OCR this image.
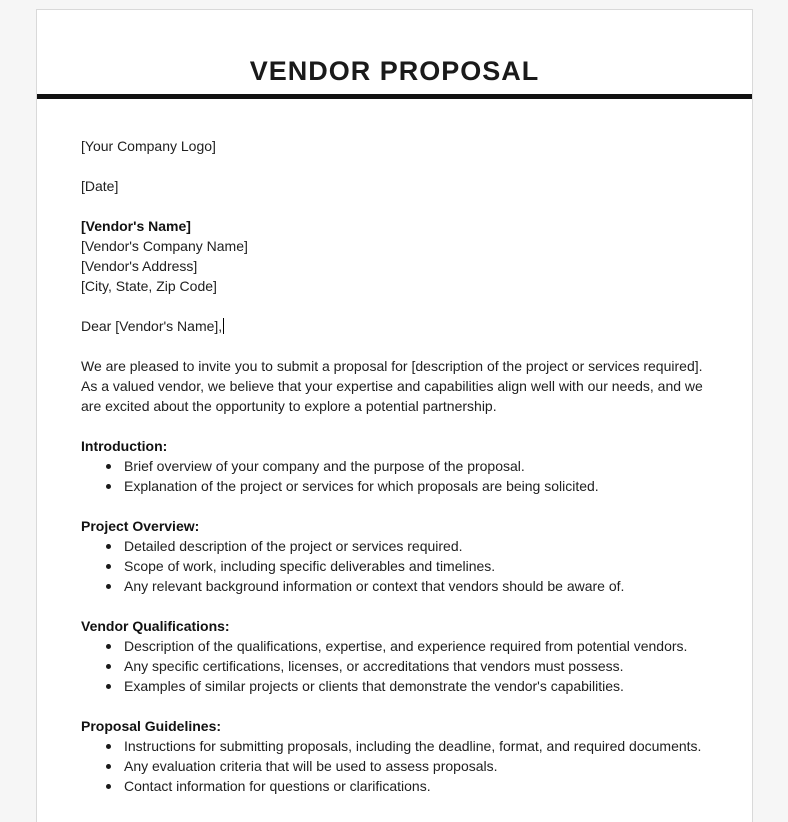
VENDOR PROPOSAL

[Your Company Logo]

[Date]

[Vendor's Name]

[Vendor's Company Name]

[Vendor's Address]

[City, State, Zip Code]

Dear [Vendor's Name],

We are pleased to invite you to submit a proposal for [description of the project or services required]. As a valued vendor, we believe that your expertise and capabilities align well with our needs, and we are excited about the opportunity to explore a potential partnership.

Introduction:

Brief overview of your company and the purpose of the proposal.
Explanation of the project or services for which proposals are being solicited.

Project Overview:

Detailed description of the project or services required.
Scope of work, including specific deliverables and timelines.
Any relevant background information or context that vendors should be aware of.

Vendor Qualifications:

Description of the qualifications, expertise, and experience required from potential vendors.
Any specific certifications, licenses, or accreditations that vendors must possess.
Examples of similar projects or clients that demonstrate the vendor's capabilities.

Proposal Guidelines:

Instructions for submitting proposals, including the deadline, format, and required documents.
Any evaluation criteria that will be used to assess proposals.
Contact information for questions or clarifications.
